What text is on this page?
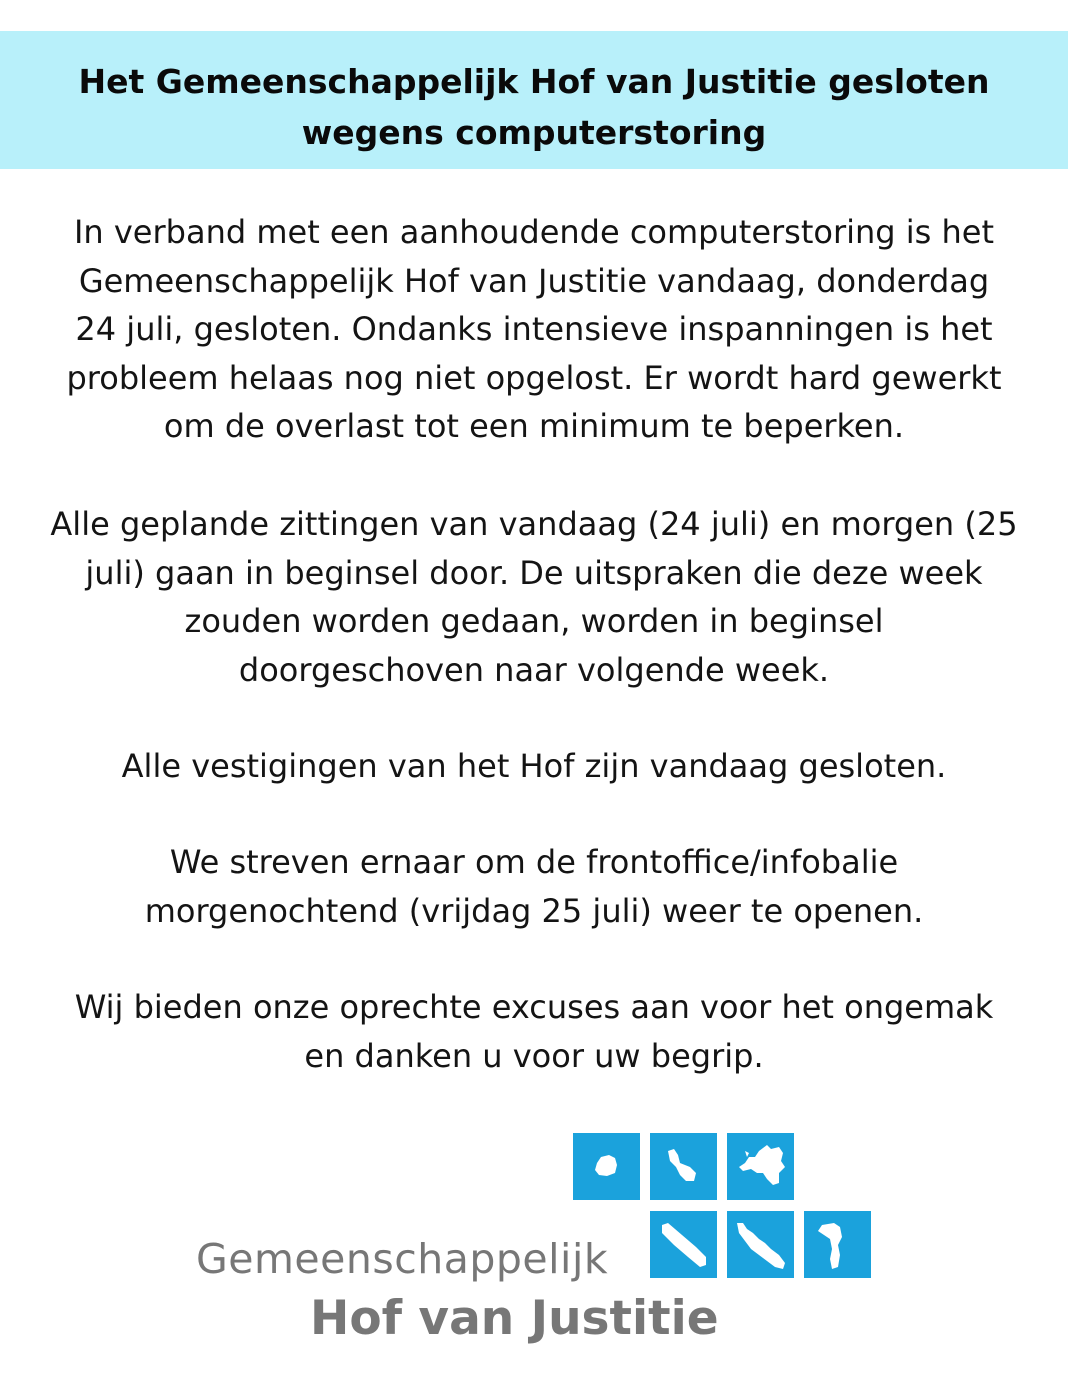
Het Gemeenschappelijk Hof van Justitie gesloten
wegens computerstoring

In verband met een aanhoudende computerstoring is het
Gemeenschappelijk Hof van Justitie vandaag, donderdag
24 juli, gesloten. Ondanks intensieve inspanningen is het
probleem helaas nog niet opgelost. Er wordt hard gewerkt
om de overlast tot een minimum te beperken.

Alle geplande zittingen van vandaag (24 juli) en morgen (25
juli) gaan in beginsel door. De uitspraken die deze week
zouden worden gedaan, worden in beginsel
doorgeschoven naar volgende week.

Alle vestigingen van het Hof zijn vandaag gesloten.

We streven ernaar om de frontoffice/infobalie
morgenochtend (vrijdag 25 juli) weer te openen.

Wij bieden onze oprechte excuses aan voor het ongemak
en danken u voor uw begrip.

Gemeenschappelijk
Hof van Justitie
